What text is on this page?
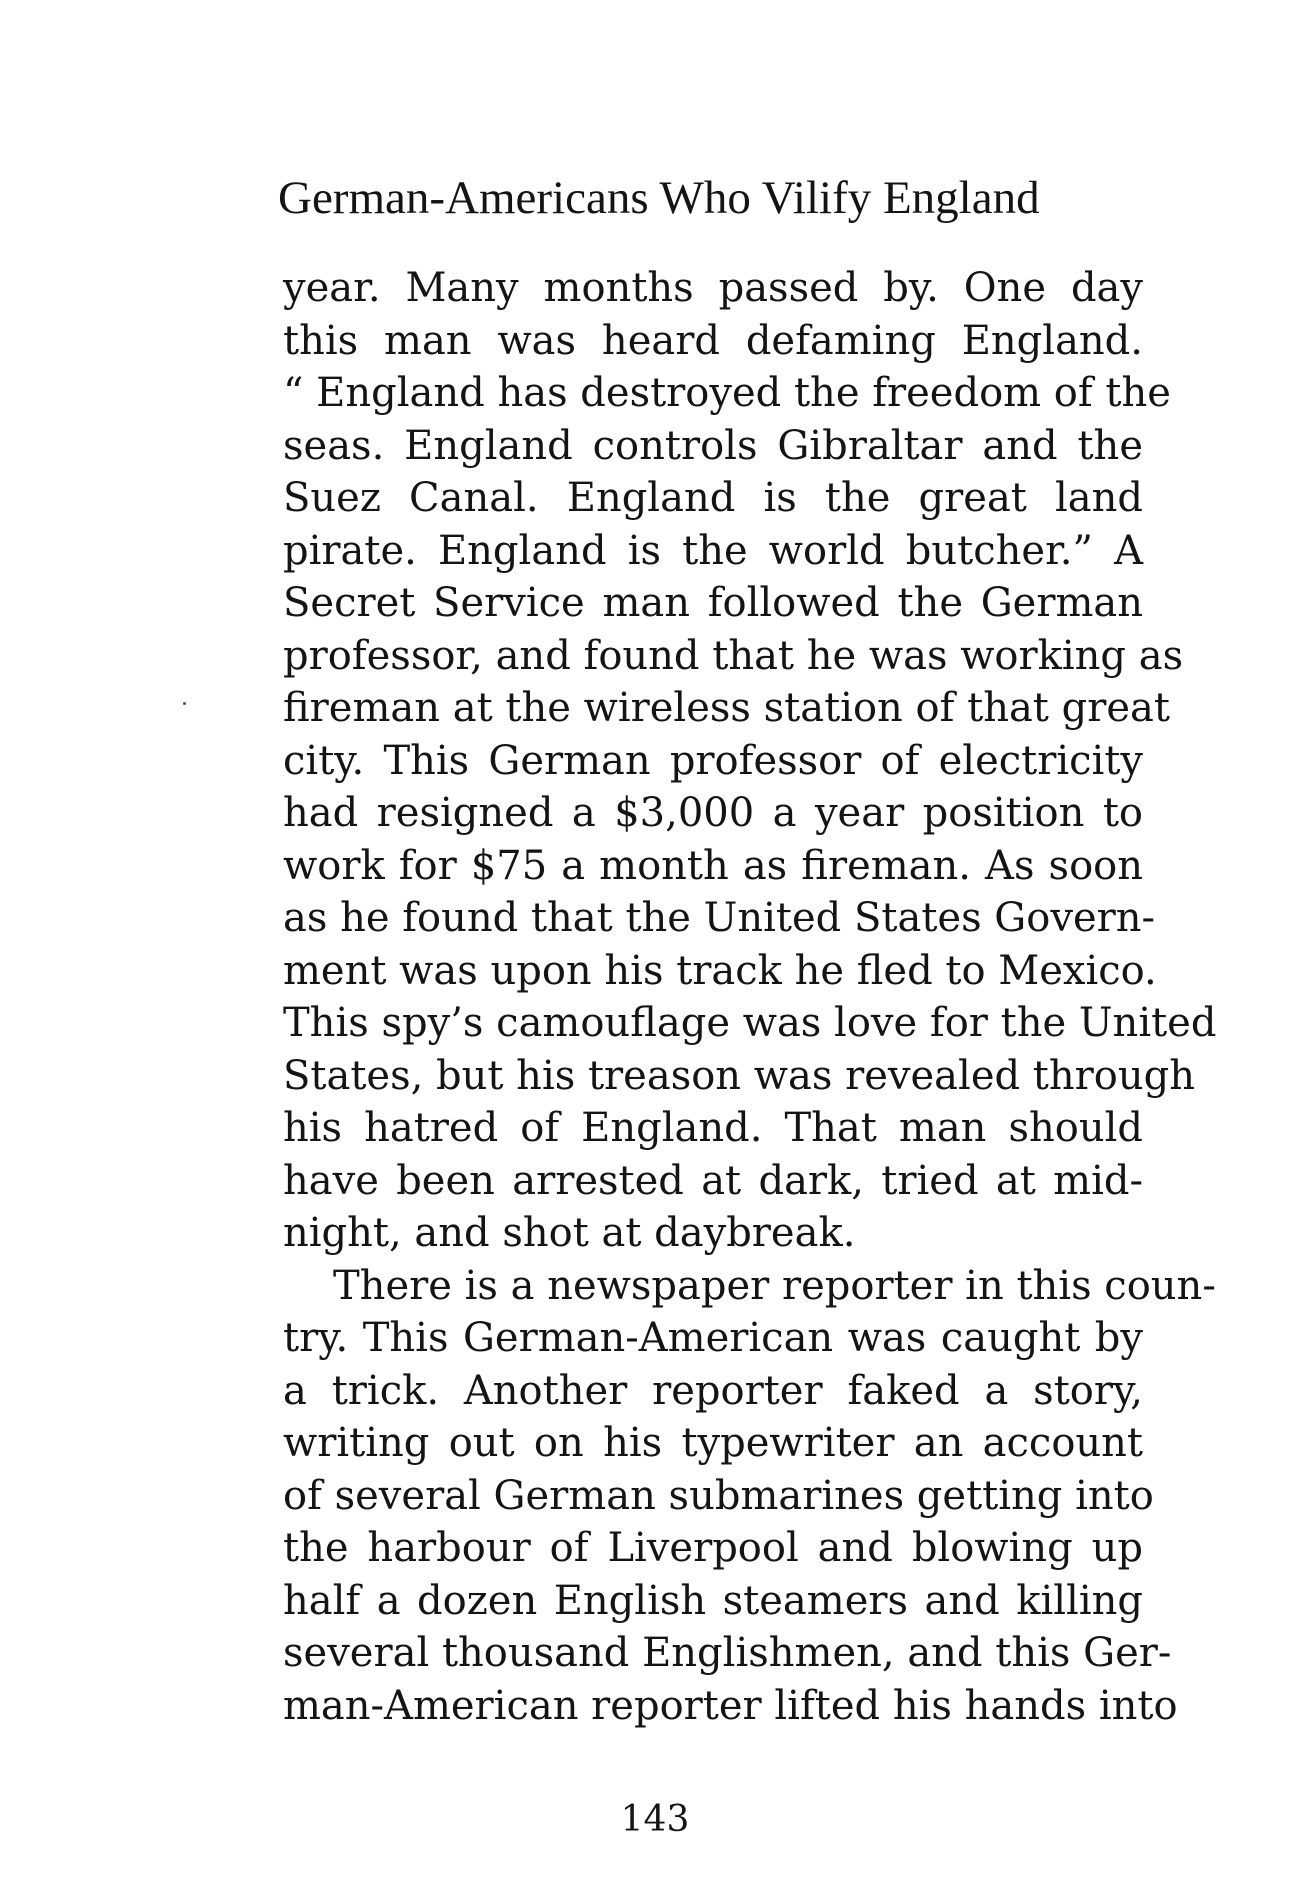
German-Americans Who Vilify England
year. Many months passed by. One day
this man was heard defaming England.
“ England has destroyed the freedom of the
seas. England controls Gibraltar and the
Suez Canal. England is the great land
pirate. England is the world butcher.” A
Secret Service man followed the German
professor, and found that he was working as
fireman at the wireless station of that great
city. This German professor of electricity
had resigned a $3,000 a year position to
work for $75 a month as fireman. As soon
as he found that the United States Govern-
ment was upon his track he fled to Mexico.
This spy’s camouflage was love for the United
States, but his treason was revealed through
his hatred of England. That man should
have been arrested at dark, tried at mid-
night, and shot at daybreak.
There is a newspaper reporter in this coun-
try. This German-American was caught by
a trick. Another reporter faked a story,
writing out on his typewriter an account
of several German submarines getting into
the harbour of Liverpool and blowing up
half a dozen English steamers and killing
several thousand Englishmen, and this Ger-
man-American reporter lifted his hands into
143
